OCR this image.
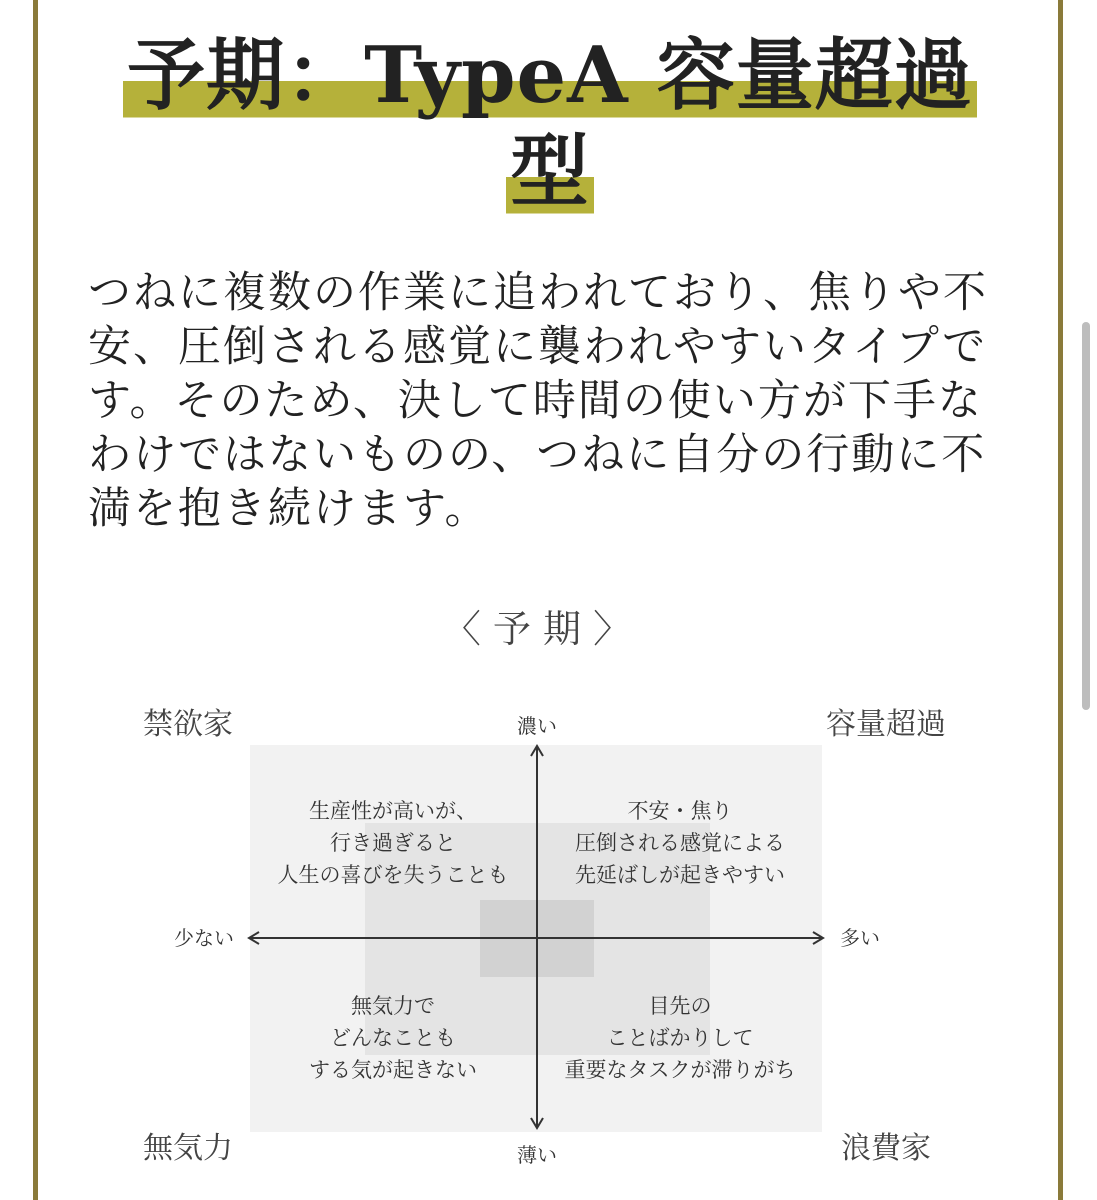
予期：TypeA 容量超過
型

つねに複数の作業に追われており、焦りや不安、圧倒される感覚に襲われやすいタイプです。そのため、決して時間の使い方が下手なわけではないものの、つねに自分の行動に不満を抱き続けます。

〈 予 期 〉
濃い
薄い
少ない	多い
禁欲家	容量超過
無気力	浪費家
生産性が高いが、
行き過ぎると
人生の喜びを失うことも
不安・焦り
圧倒される感覚による
先延ばしが起きやすい
無気力で
どんなことも
する気が起きない
目先の
ことばかりして
重要なタスクが滞りがち
